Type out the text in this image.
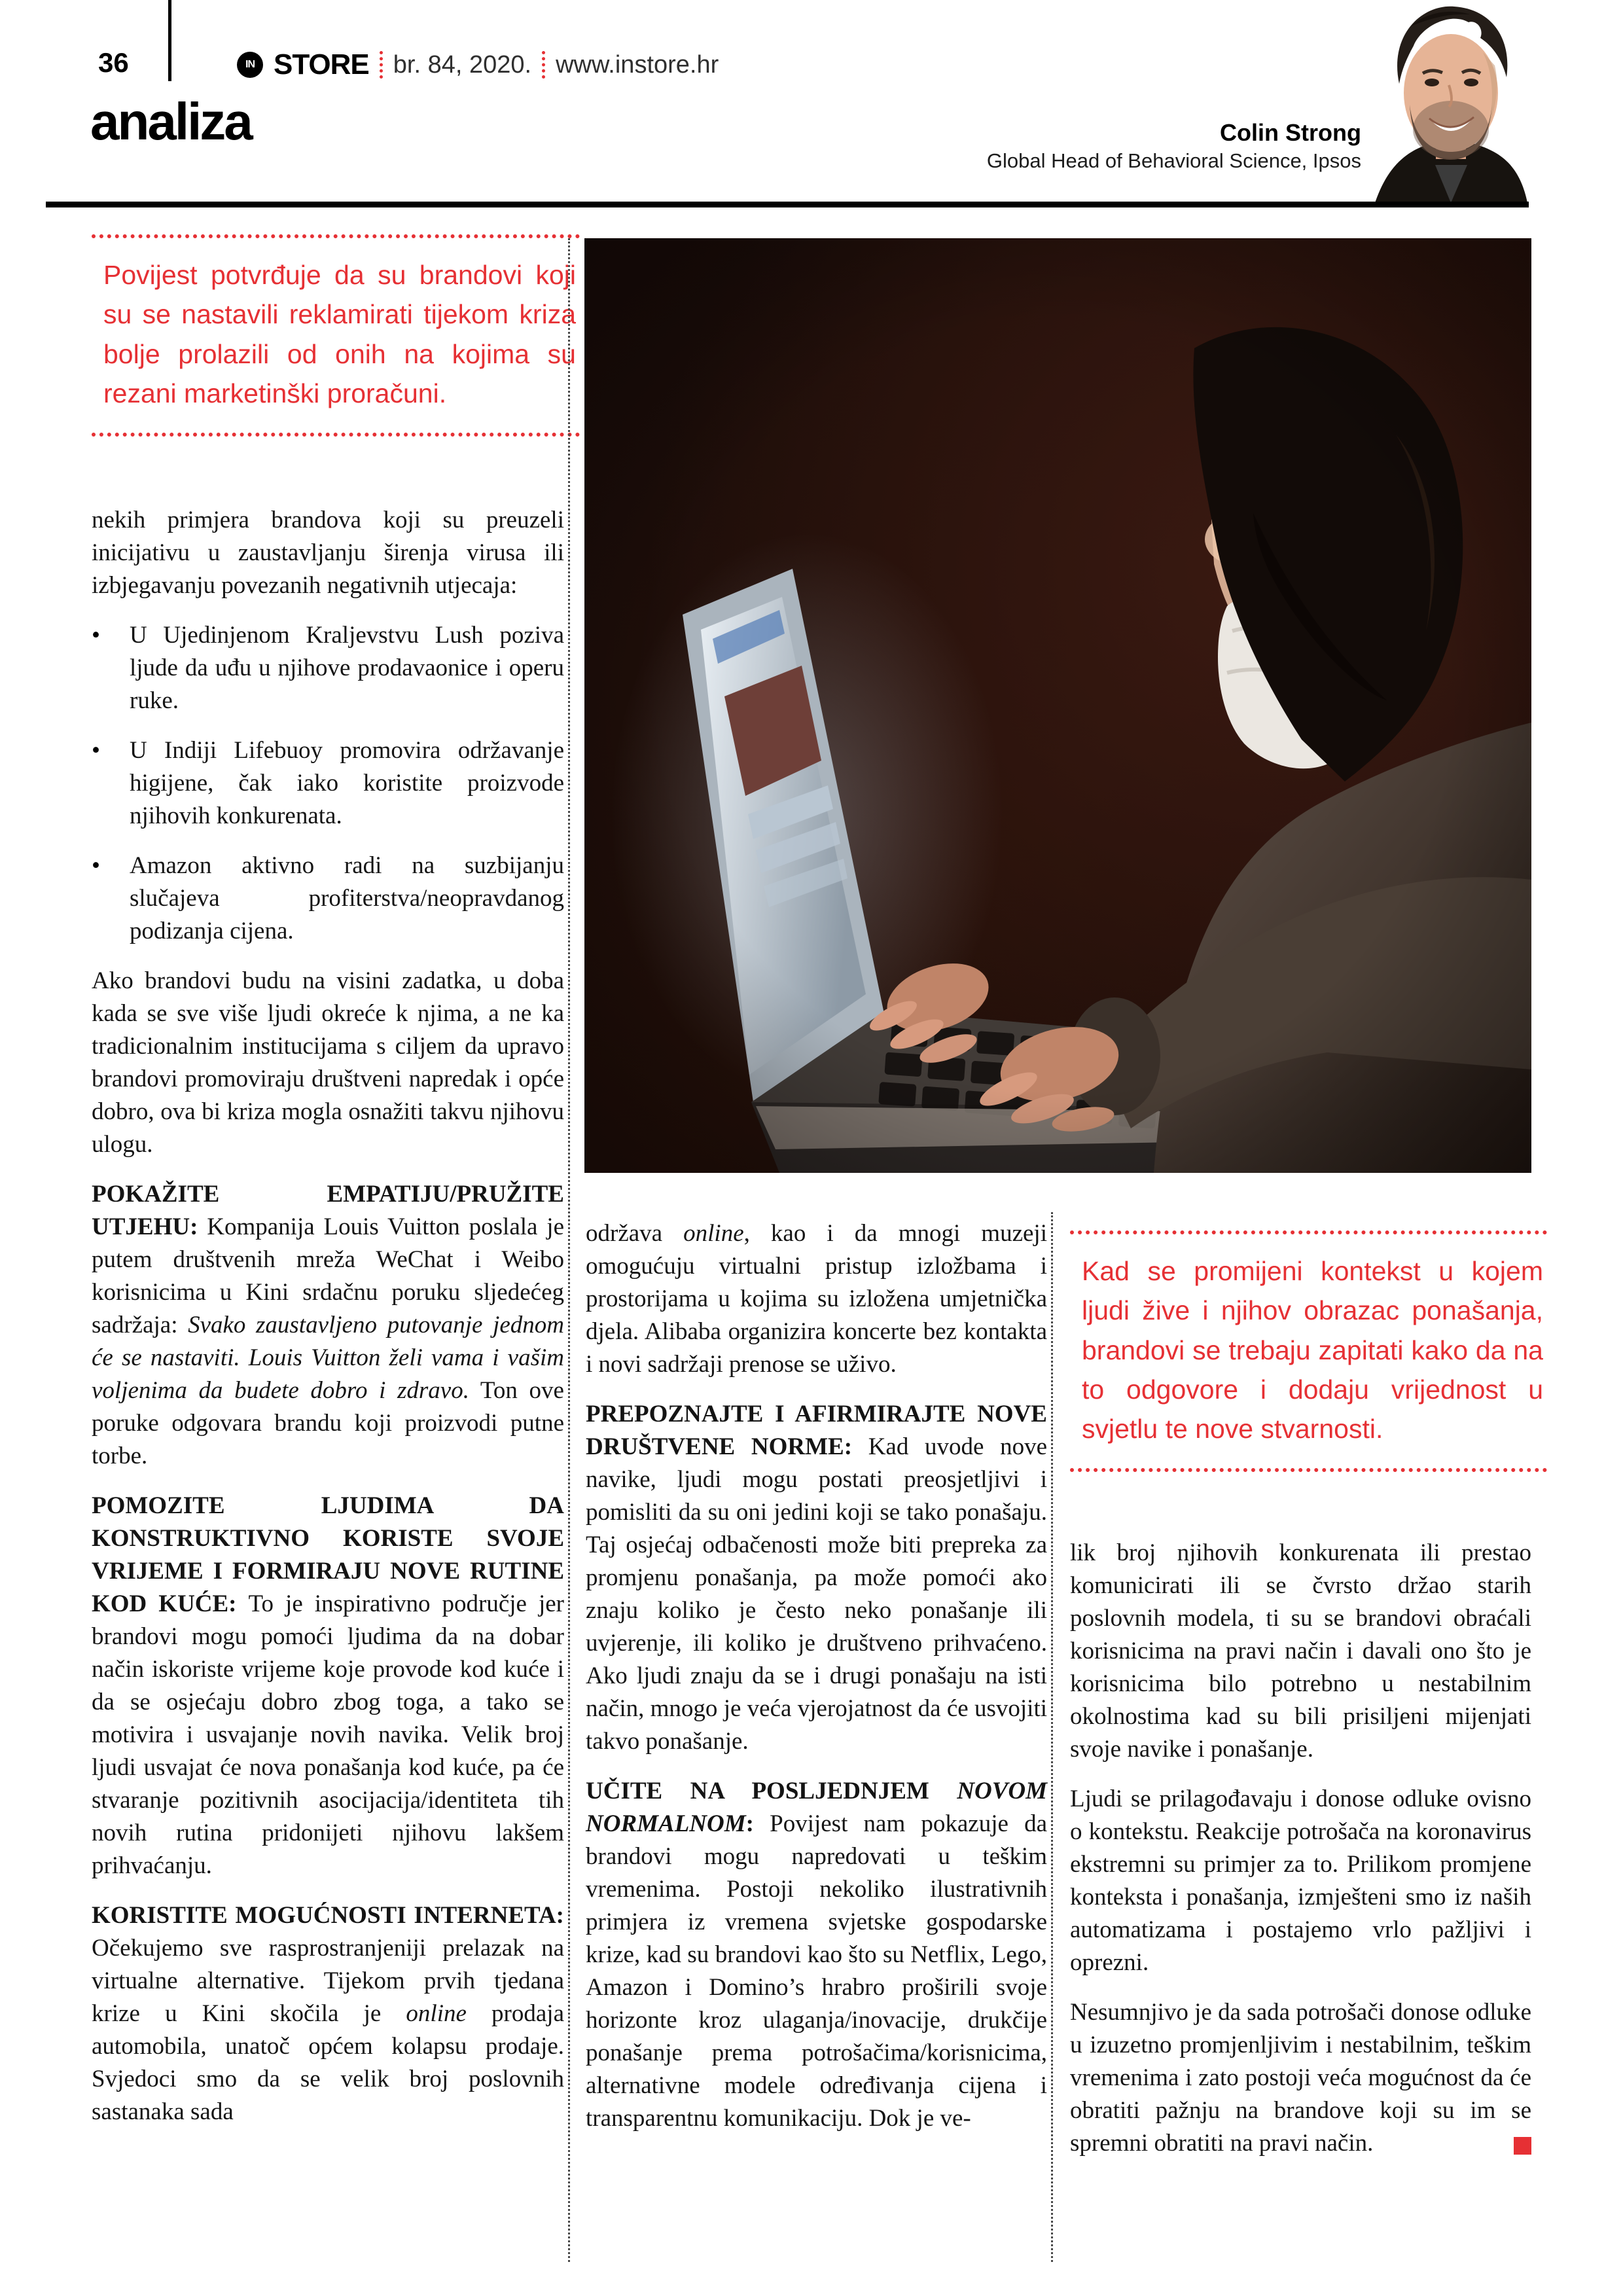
36	IN STORE br. 84, 2020. www.instore.hr
analiza	Colin Strong
Global Head of Behavioral Science, Ipsos
Povijest potvrđuje da su brandovi koji su se nastavili reklamirati tijekom kriza bolje prolazili od onih na kojima su rezani marketinški proračuni.
Kad se promijeni kontekst u kojem ljudi žive i njihov obrazac ponašanja, brandovi se trebaju zapitati kako da na to odgovore i dodaju vrijednost u svjetlu te nove stvarnosti.

nekih primjera brandova koji su preuzeli inicijativu u zaustavljanju širenja virusa ili izbjegavanju povezanih negativnih utjecaja:

•	U Ujedinjenom Kraljevstvu Lush poziva ljude da uđu u njihove prodavaonice i operu ruke.
•	U Indiji Lifebuoy promovira održavanje higijene, čak iako koristite proizvode njihovih konkurenata.
•	Amazon aktivno radi na suzbijanju slučajeva profiterstva/neopravdanog podizanja cijena.

Ako brandovi budu na visini zadatka, u doba kada se sve više ljudi okreće k njima, a ne ka tradicionalnim institucijama s ciljem da upravo brandovi promoviraju društveni napredak i opće dobro, ova bi kriza mogla osnažiti takvu njihovu ulogu.

POKAŽITE EMPATIJU/PRUŽITE UTJEHU: Kompanija Louis Vuitton poslala je putem društvenih mreža WeChat i Weibo korisnicima u Kini srdačnu poruku sljedećeg sadržaja: Svako zaustavljeno putovanje jednom će se nastaviti. Louis Vuitton želi vama i vašim voljenima da budete dobro i zdravo. Ton ove poruke odgovara brandu koji proizvodi putne torbe.

POMOZITE LJUDIMA DA KONSTRUKTIVNO KORISTE SVOJE VRIJEME I FORMIRAJU NOVE RUTINE KOD KUĆE: To je inspirativno područje jer brandovi mogu pomoći ljudima da na dobar način iskoriste vrijeme koje provode kod kuće i da se osjećaju dobro zbog toga, a tako se motivira i usvajanje novih navika. Velik broj ljudi usvajat će nova ponašanja kod kuće, pa će stvaranje pozitivnih asocijacija/identiteta tih novih rutina pridonijeti njihovu lakšem prihvaćanju.

KORISTITE MOGUĆNOSTI INTERNETA: Očekujemo sve rasprostranjeniji prelazak na virtualne alternative. Tijekom prvih tjedana krize u Kini skočila je online prodaja automobila, unatoč općem kolapsu prodaje. Svjedoci smo da se velik broj poslovnih sastanaka sada

održava online, kao i da mnogi muzeji omogućuju virtualni pristup izložbama i prostorijama u kojima su izložena umjetnička djela. Alibaba organizira koncerte bez kontakta i novi sadržaji prenose se uživo.

PREPOZNAJTE I AFIRMIRAJTE NOVE DRUŠTVENE NORME: Kad uvode nove navike, ljudi mogu postati preosjetljivi i pomisliti da su oni jedini koji se tako ponašaju. Taj osjećaj odbačenosti može biti prepreka za promjenu ponašanja, pa može pomoći ako znaju koliko je često neko ponašanje ili uvjerenje, ili koliko je društveno prihvaćeno. Ako ljudi znaju da se i drugi ponašaju na isti način, mnogo je veća vjerojatnost da će usvojiti takvo ponašanje.

UČITE NA POSLJEDNJEM NOVOM NORMALNOM: Povijest nam pokazuje da brandovi mogu napredovati u teškim vremenima. Postoji nekoliko ilustrativnih primjera iz vremena svjetske gospodarske krize, kad su brandovi kao što su Netflix, Lego, Amazon i Domino’s hrabro proširili svoje horizonte kroz ulaganja/inovacije, drukčije ponašanje prema potrošačima/korisnicima, alternativne modele određivanja cijena i transparentnu komunikaciju. Dok je ve-

lik broj njihovih konkurenata ili prestao komunicirati ili se čvrsto držao starih poslovnih modela, ti su se brandovi obraćali korisnicima na pravi način i davali ono što je korisnicima bilo potrebno u nestabilnim okolnostima kad su bili prisiljeni mijenjati svoje navike i ponašanje.

Ljudi se prilagođavaju i donose odluke ovisno o kontekstu. Reakcije potrošača na koronavirus ekstremni su primjer za to. Prilikom promjene konteksta i ponašanja, izmješteni smo iz naših automatizama i postajemo vrlo pažljivi i oprezni.

Nesumnjivo je da sada potrošači donose odluke u izuzetno promjenljivim i nestabilnim, teškim vremenima i zato postoji veća mogućnost da će obratiti pažnju na brandove koji su im se spremni obratiti na pravi način.
